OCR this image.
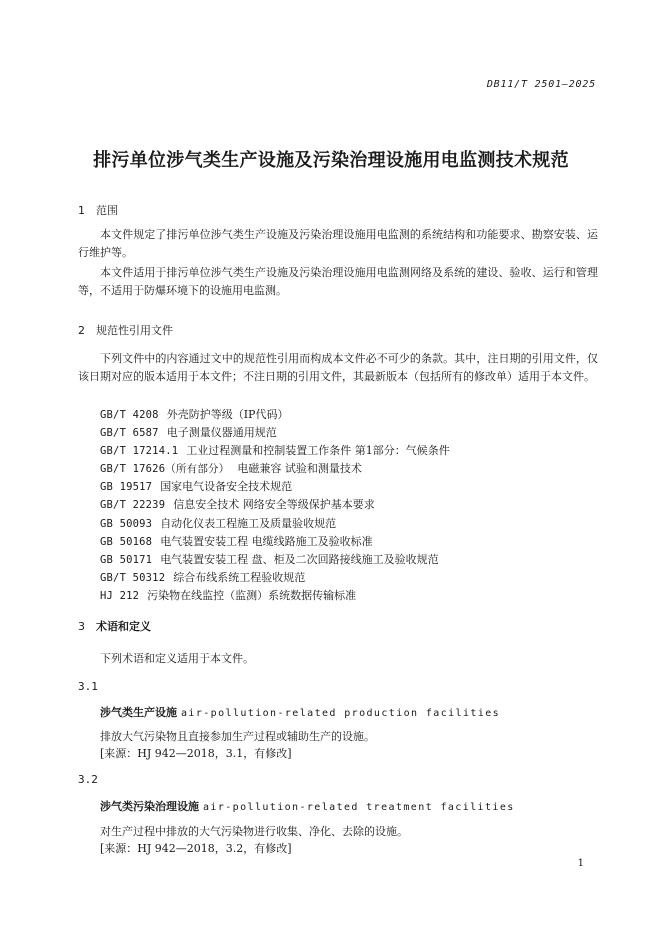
DB11/T 2501—2025
排污单位涉气类生产设施及污染治理设施用电监测技术规范
1 范围

本文件规定了排污单位涉气类生产设施及污染治理设施用电监测的系统结构和功能要求、勘察安装、运行维护等。

本文件适用于排污单位涉气类生产设施及污染治理设施用电监测网络及系统的建设、验收、运行和管理等，不适用于防爆环境下的设施用电监测。

2 规范性引用文件

下列文件中的内容通过文中的规范性引用而构成本文件必不可少的条款。其中，注日期的引用文件，仅该日期对应的版本适用于本文件；不注日期的引用文件，其最新版本（包括所有的修改单）适用于本文件。

GB/T 4208 外壳防护等级（IP代码）
GB/T 6587 电子测量仪器通用规范
GB/T 17214.1 工业过程测量和控制装置工作条件 第1部分：气候条件
GB/T 17626（所有部分） 电磁兼容 试验和测量技术
GB 19517 国家电气设备安全技术规范
GB/T 22239 信息安全技术 网络安全等级保护基本要求
GB 50093 自动化仪表工程施工及质量验收规范
GB 50168 电气装置安装工程 电缆线路施工及验收标准
GB 50171 电气装置安装工程 盘、柜及二次回路接线施工及验收规范
GB/T 50312 综合布线系统工程验收规范
HJ 212 污染物在线监控（监测）系统数据传输标准
3 术语和定义
下列术语和定义适用于本文件。
3.1
涉气类生产设施 air-pollution-related production facilities
排放大气污染物且直接参加生产过程或辅助生产的设施。
[来源：HJ 942—2018，3.1，有修改]
3.2
涉气类污染治理设施 air-pollution-related treatment facilities
对生产过程中排放的大气污染物进行收集、净化、去除的设施。
[来源：HJ 942—2018，3.2，有修改]
1
